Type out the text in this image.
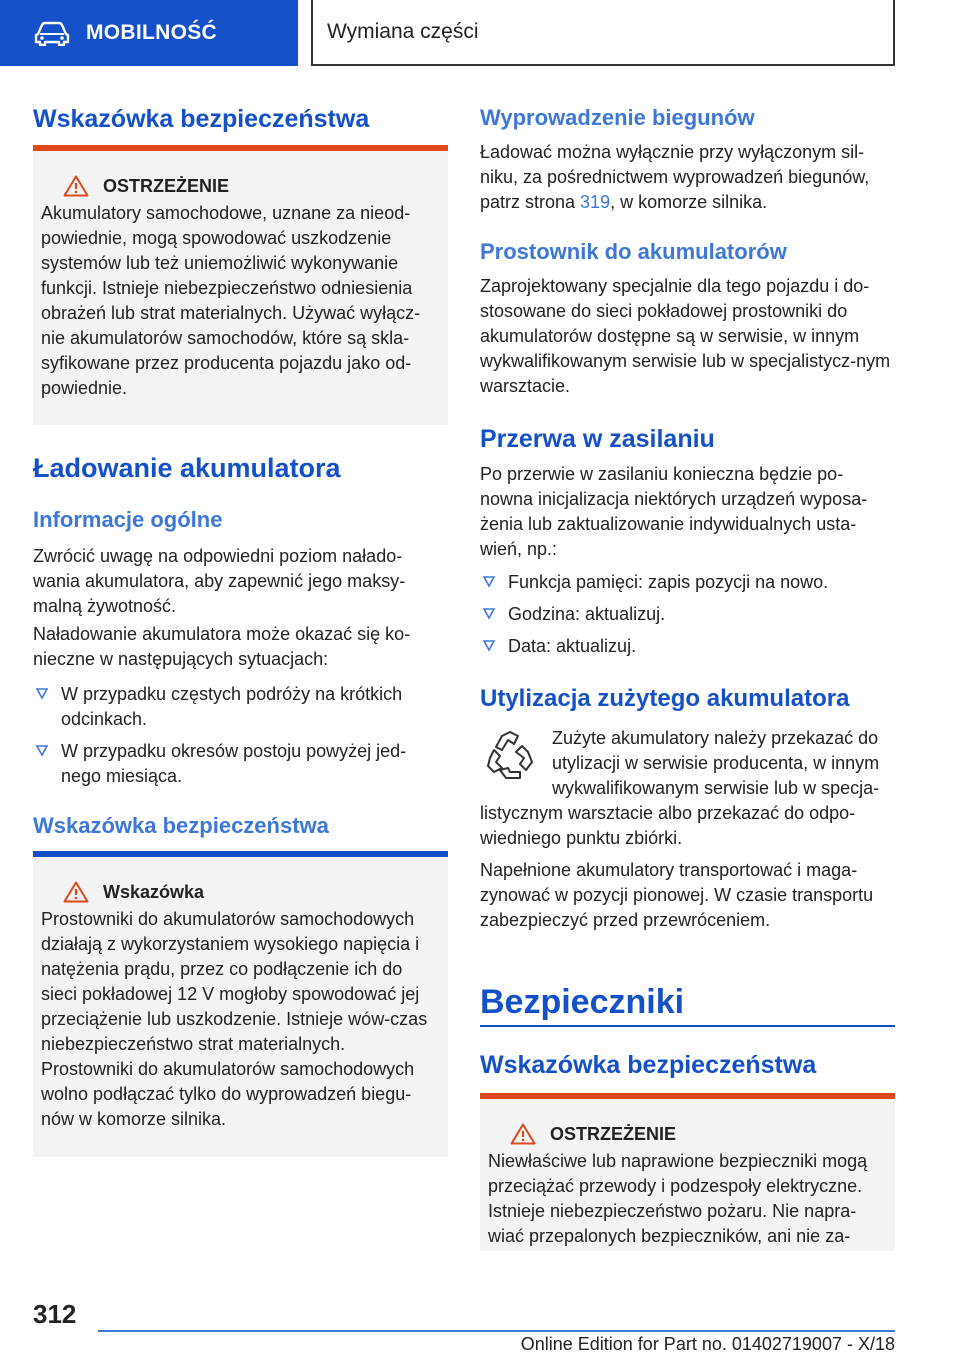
MOBILNOŚĆ	Wymiana części
Wskazówka bezpieczeństwa
OSTRZEŻENIE
Akumulatory samochodowe, uznane za nieod-powiednie, mogą spowodować uszkodzenie systemów lub też uniemożliwić wykonywanie funkcji. Istnieje niebezpieczeństwo odniesienia obrażeń lub strat materialnych. Używać wyłącz-nie akumulatorów samochodów, które są skla-syfikowane przez producenta pojazdu jako od-powiednie.
Ładowanie akumulatora
Informacje ogólne
Zwrócić uwagę na odpowiedni poziom nałado-wania akumulatora, aby zapewnić jego maksy-malną żywotność.
Naładowanie akumulatora może okazać się ko-nieczne w następujących sytuacjach:
W przypadku częstych podróży na krótkich odcinkach.
W przypadku okresów postoju powyżej jed-nego miesiąca.
Wskazówka bezpieczeństwa
Wskazówka
Prostowniki do akumulatorów samochodowych działają z wykorzystaniem wysokiego napięcia i natężenia prądu, przez co podłączenie ich do sieci pokładowej 12 V mogłoby spowodować jej przeciążenie lub uszkodzenie. Istnieje wów-czas niebezpieczeństwo strat materialnych. Prostowniki do akumulatorów samochodowych wolno podłączać tylko do wyprowadzeń biegu-nów w komorze silnika.
Wyprowadzenie biegunów
Ładować można wyłącznie przy wyłączonym sil-niku, za pośrednictwem wyprowadzeń biegunów, patrz strona 319, w komorze silnika.
Prostownik do akumulatorów
Zaprojektowany specjalnie dla tego pojazdu i do-stosowane do sieci pokładowej prostowniki do akumulatorów dostępne są w serwisie, w innym wykwalifikowanym serwisie lub w specjalistycz-nym warsztacie.
Przerwa w zasilaniu
Po przerwie w zasilaniu konieczna będzie po-nowna inicjalizacja niektórych urządzeń wyposa-żenia lub zaktualizowanie indywidualnych usta-wień, np.:
Funkcja pamięci: zapis pozycji na nowo.
Godzina: aktualizuj.
Data: aktualizuj.
Utylizacja zużytego akumulatora
Zużyte akumulatory należy przekazać do utylizacji w serwisie producenta, w innym wykwalifikowanym serwisie lub w specja-listycznym warsztacie albo przekazać do odpo-wiedniego punktu zbiórki.
Napełnione akumulatory transportować i maga-zynować w pozycji pionowej. W czasie transportu zabezpieczyć przed przewróceniem.
Bezpieczniki
Wskazówka bezpieczeństwa
OSTRZEŻENIE
Niewłaściwe lub naprawione bezpieczniki mogą przeciążać przewody i podzespoły elektryczne. Istnieje niebezpieczeństwo pożaru. Nie napra-wiać przepalonych bezpieczników, ani nie za-
312
Online Edition for Part no. 01402719007 - X/18
